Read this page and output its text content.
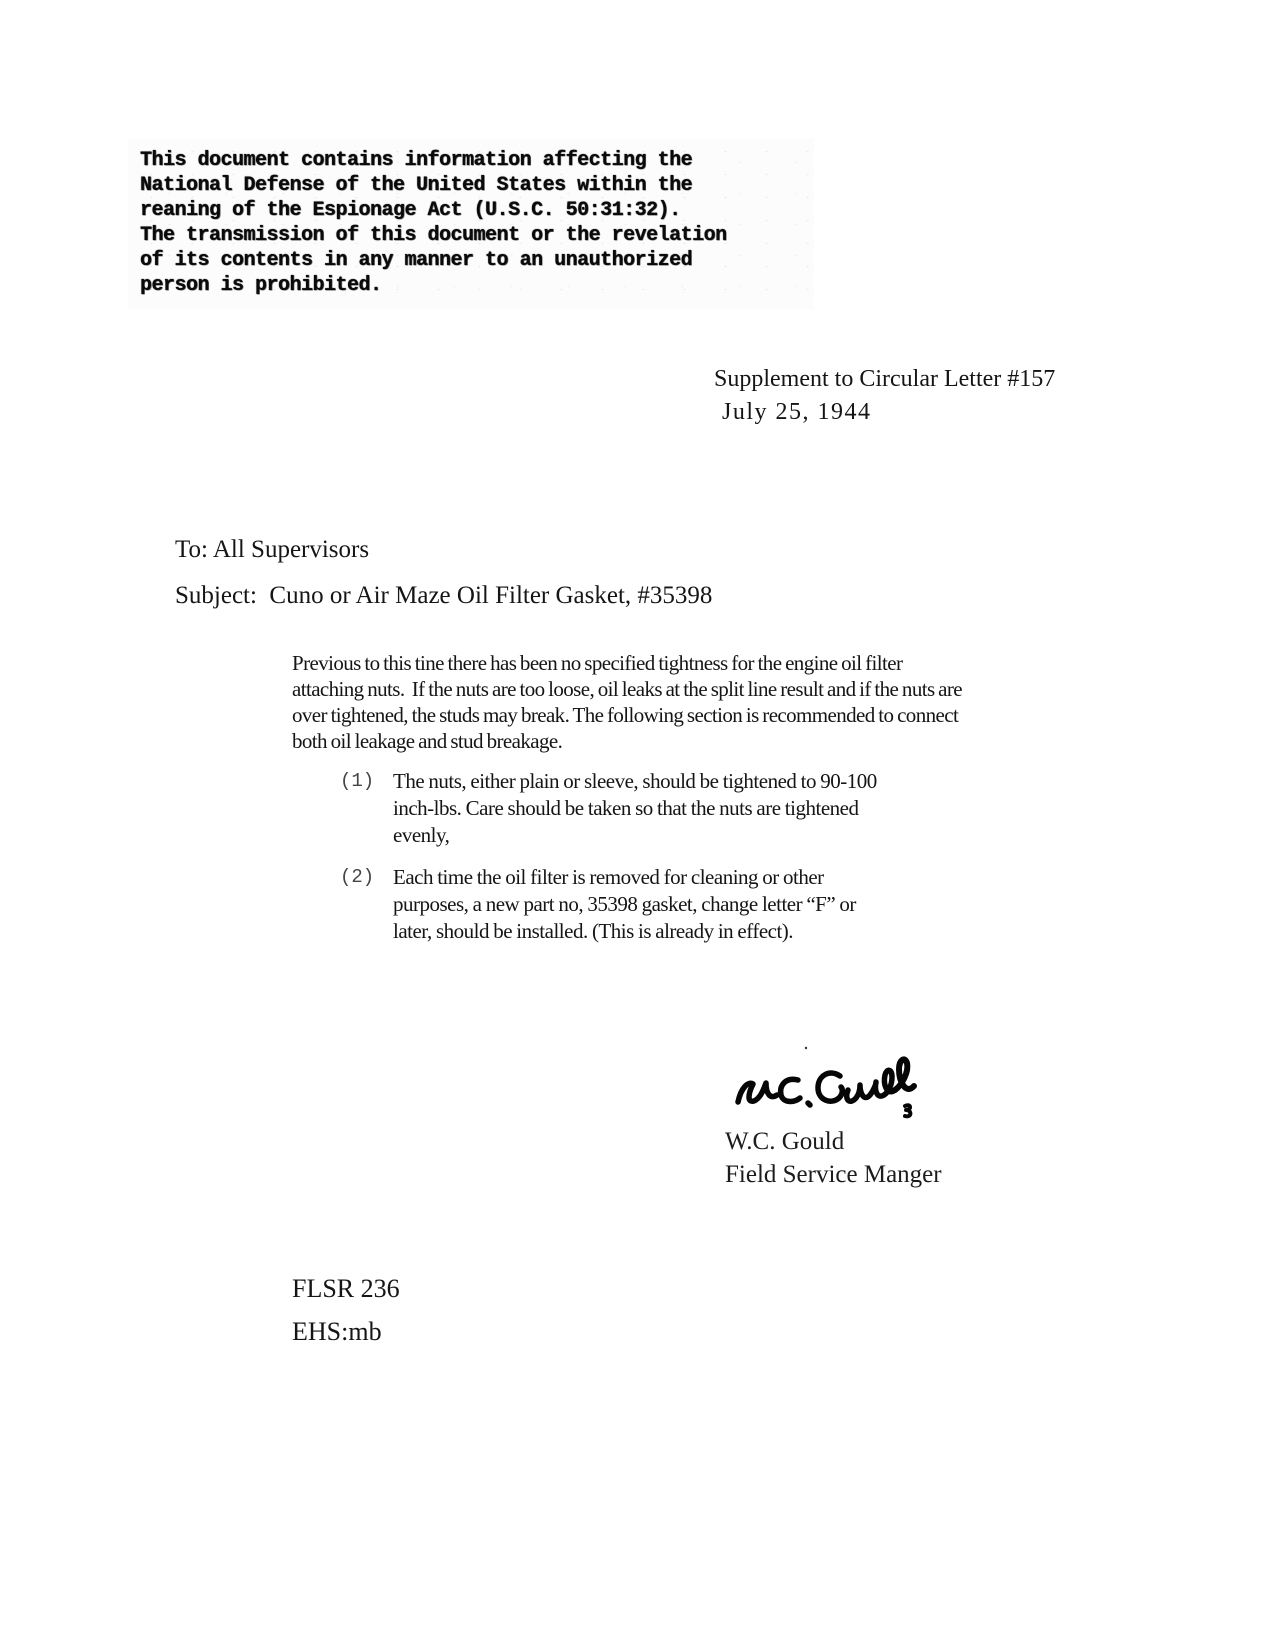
This document contains information affecting the
National Defense of the United States within the
reaning of the Espionage Act (U.S.C. 50:31:32).
The transmission of this document or the revelation
of its contents in any manner to an unauthorized
person is prohibited.
Supplement to Circular Letter #157
July 25, 1944
To: All Supervisors
Subject:  Cuno or Air Maze Oil Filter Gasket, #35398
Previous to this tine there has been no specified tightness for the engine oil filter
attaching nuts.  If the nuts are too loose, oil leaks at the split line result and if the nuts are
over tightened, the studs may break. The following section is recommended to connect
both oil leakage and stud breakage.
(1) The nuts, either plain or sleeve, should be tightened to 90-100
inch-lbs. Care should be taken so that the nuts are tightened
evenly,
(2) Each time the oil filter is removed for cleaning or other
purposes, a new part no, 35398 gasket, change letter “F” or
later, should be installed. (This is already in effect).
W.C. Gould
Field Service Manger
FLSR 236
EHS:mb
